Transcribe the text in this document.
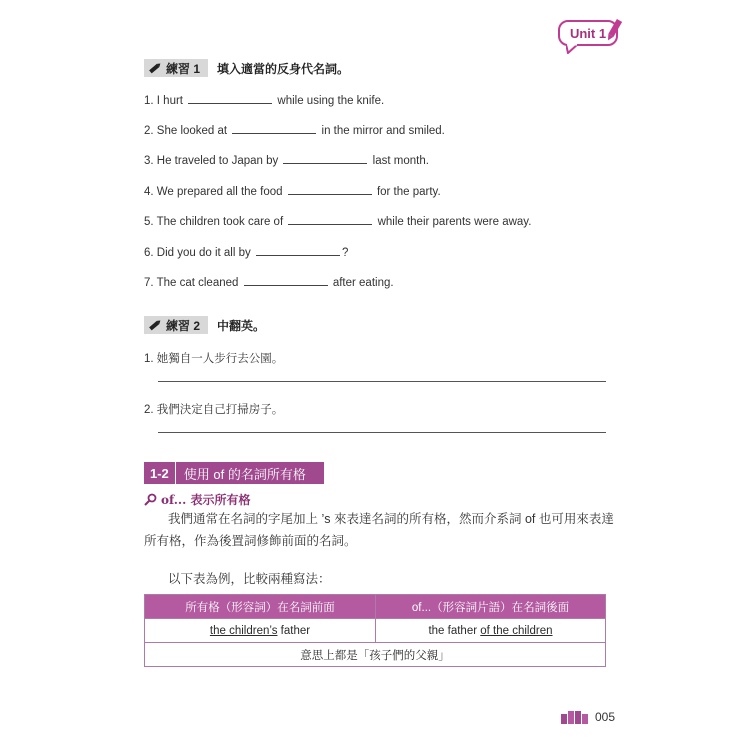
Unit 1
練習 1 填入適當的反身代名詞。
1. I hurt	while using the knife.
2. She looked at	in the mirror and smiled.
3. He traveled to Japan by	last month.
4. We prepared all the food	for the party.
5. The children took care of	while their parents were away.
6. Did you do it all by	?
7. The cat cleaned	after eating.
練習 2 中翻英。
1. 她獨自一人步行去公園。
2. 我們決定自己打掃房子。
1-2	使用 of 的名詞所有格
of... 表示所有格
我們通常在名詞的字尾加上 ’s 來表達名詞的所有格，然而介系詞 of 也可用來表達
所有格，作為後置詞修飾前面的名詞。
以下表為例，比較兩種寫法：
所有格（形容詞）在名詞前面	of...（形容詞片語）在名詞後面
the children’s father	the father of the children
意思上都是「孩子們的父親」	
005
